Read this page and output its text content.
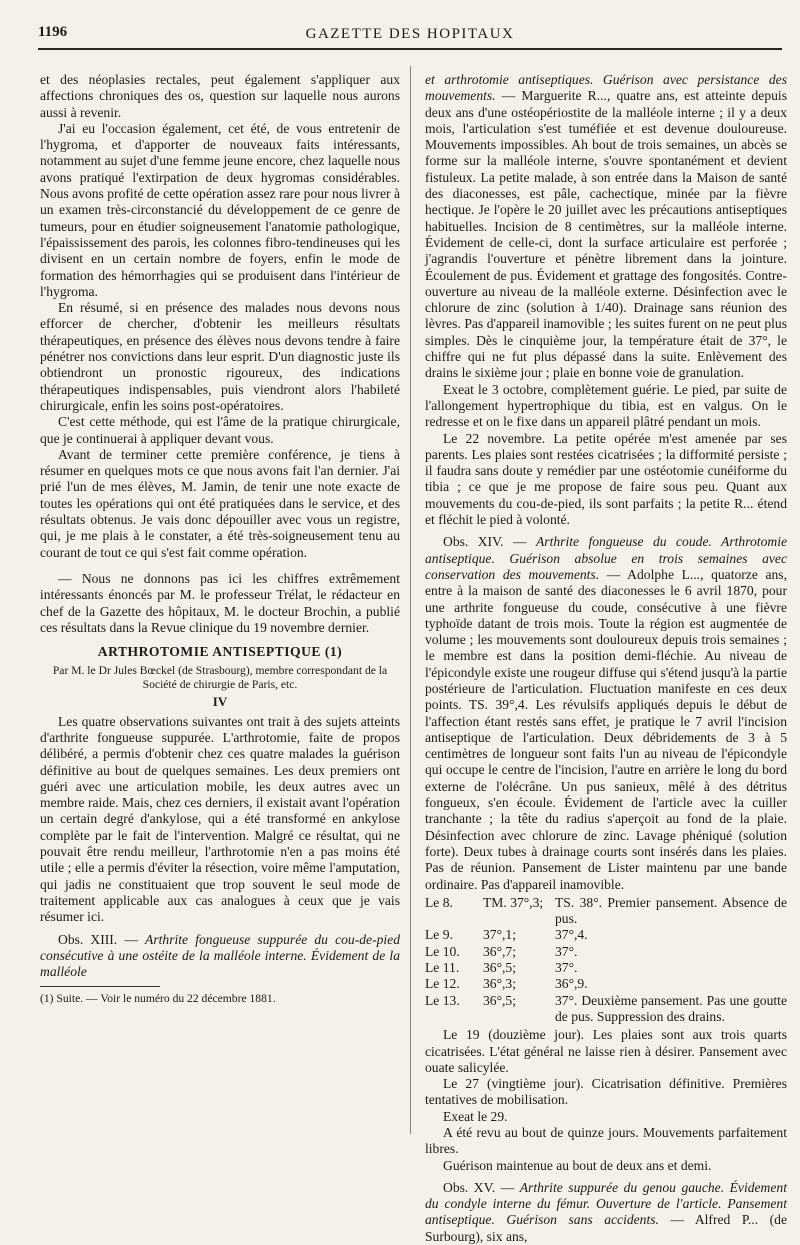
1196	GAZETTE DES HOPITAUX

et des néoplasies rectales, peut également s'appliquer aux affections chroniques des os, question sur laquelle nous aurons aussi à revenir.

J'ai eu l'occasion également, cet été, de vous entretenir de l'hygroma, et d'apporter de nouveaux faits intéressants, notamment au sujet d'une femme jeune encore, chez laquelle nous avons pratiqué l'extirpation de deux hygromas considérables. Nous avons profité de cette opération assez rare pour nous livrer à un examen très-circonstancié du développement de ce genre de tumeurs, pour en étudier soigneusement l'anatomie pathologique, l'épaississement des parois, les colonnes fibro-tendineuses qui les divisent en un certain nombre de foyers, enfin le mode de formation des hémorrhagies qui se produisent dans l'intérieur de l'hygroma.

En résumé, si en présence des malades nous devons nous efforcer de chercher, d'obtenir les meilleurs résultats thérapeutiques, en présence des élèves nous devons tendre à faire pénétrer nos convictions dans leur esprit. D'un diagnostic juste ils obtiendront un pronostic rigoureux, des indications thérapeutiques indispensables, puis viendront alors l'habileté chirurgicale, enfin les soins post-opératoires.

C'est cette méthode, qui est l'âme de la pratique chirurgicale, que je continuerai à appliquer devant vous.

Avant de terminer cette première conférence, je tiens à résumer en quelques mots ce que nous avons fait l'an dernier. J'ai prié l'un de mes élèves, M. Jamin, de tenir une note exacte de toutes les opérations qui ont été pratiquées dans le service, et des résultats obtenus. Je vais donc dépouiller avec vous un registre, qui, je me plais à le constater, a été très-soigneusement tenu au courant de tout ce qui s'est fait comme opération.

— Nous ne donnons pas ici les chiffres extrêmement intéressants énoncés par M. le professeur Trélat, le rédacteur en chef de la Gazette des hôpitaux, M. le docteur Brochin, a publié ces résultats dans la Revue clinique du 19 novembre dernier.

ARTHROTOMIE ANTISEPTIQUE (1)
Par M. le Dr Jules Bœckel (de Strasbourg), membre correspondant de la Société de chirurgie de Paris, etc.
IV

Les quatre observations suivantes ont trait à des sujets atteints d'arthrite fongueuse suppurée. L'arthrotomie, faite de propos délibéré, a permis d'obtenir chez ces quatre malades la guérison définitive au bout de quelques semaines. Les deux premiers ont guéri avec une articulation mobile, les deux autres avec un membre raide. Mais, chez ces derniers, il existait avant l'opération un certain degré d'ankylose, qui a été transformé en ankylose complète par le fait de l'intervention. Malgré ce résultat, qui ne pouvait être rendu meilleur, l'arthrotomie n'en a pas moins été utile ; elle a permis d'éviter la résection, voire même l'amputation, qui jadis ne constituaient que trop souvent le seul mode de traitement applicable aux cas analogues à ceux que je vais résumer ici.

Obs. XIII. — Arthrite fongueuse suppurée du cou-de-pied consécutive à une ostéite de la malléole interne. Évidement de la malléole

(1) Suite. — Voir le numéro du 22 décembre 1881.

et arthrotomie antiseptiques. Guérison avec persistance des mouvements. — Marguerite R..., quatre ans, est atteinte depuis deux ans d'une ostéopériostite de la malléole interne ; il y a deux mois, l'articulation s'est tuméfiée et est devenue douloureuse. Mouvements impossibles. Ah bout de trois semaines, un abcès se forme sur la malléole interne, s'ouvre spontanément et devient fistuleux. La petite malade, à son entrée dans la Maison de santé des diaconesses, est pâle, cachectique, minée par la fièvre hectique. Je l'opère le 20 juillet avec les précautions antiseptiques habituelles. Incision de 8 centimètres, sur la malléole interne. Évidement de celle-ci, dont la surface articulaire est perforée ; j'agrandis l'ouverture et pénètre librement dans la jointure. Écoulement de pus. Évidement et grattage des fongosités. Contre-ouverture au niveau de la malléole externe. Désinfection avec le chlorure de zinc (solution à 1/40). Drainage sans réunion des lèvres. Pas d'appareil inamovible ; les suites furent on ne peut plus simples. Dès le cinquième jour, la température était de 37°, le chiffre qui ne fut plus dépassé dans la suite. Enlèvement des drains le sixième jour ; plaie en bonne voie de granulation.

Exeat le 3 octobre, complètement guérie. Le pied, par suite de l'allongement hypertrophique du tibia, est en valgus. On le redresse et on le fixe dans un appareil plâtré pendant un mois.

Le 22 novembre. La petite opérée m'est amenée par ses parents. Les plaies sont restées cicatrisées ; la difformité persiste ; il faudra sans doute y remédier par une ostéotomie cunéiforme du tibia ; ce que je me propose de faire sous peu. Quant aux mouvements du cou-de-pied, ils sont parfaits ; la petite R... étend et fléchit le pied à volonté.

Obs. XIV. — Arthrite fongueuse du coude. Arthrotomie antiseptique. Guérison absolue en trois semaines avec conservation des mouvements. — Adolphe L..., quatorze ans, entre à la maison de santé des diaconesses le 6 avril 1870, pour une arthrite fongueuse du coude, consécutive à une fièvre typhoïde datant de trois mois. Toute la région est augmentée de volume ; les mouvements sont douloureux depuis trois semaines ; le membre est dans la position demi-fléchie. Au niveau de l'épicondyle existe une rougeur diffuse qui s'étend jusqu'à la partie postérieure de l'articulation. Fluctuation manifeste en ces deux points. TS. 39°,4. Les révulsifs appliqués depuis le début de l'affection étant restés sans effet, je pratique le 7 avril l'incision antiseptique de l'articulation. Deux débridements de 3 à 5 centimètres de longueur sont faits l'un au niveau de l'épicondyle qui occupe le centre de l'incision, l'autre en arrière le long du bord externe de l'olécrâne. Un pus sanieux, mêlé à des détritus fongueux, s'en écoule. Évidement de l'article avec la cuiller tranchante ; la tête du radius s'aperçoit au fond de la plaie. Désinfection avec chlorure de zinc. Lavage phéniqué (solution forte). Deux tubes à drainage courts sont insérés dans les plaies. Pas de réunion. Pansement de Lister maintenu par une bande ordinaire. Pas d'appareil inamovible.

Le 8.	TM. 37°,3; TS. 38°. Premier pansement. Absence de pus.
Le 9.	37°,1;	37°,4.
Le 10.	36°,7;	37°.
Le 11.	36°,5;	37°.
Le 12.	36°,3;	36°,9.
Le 13.	36°,5;	37°. Deuxième pansement. Pas une goutte de pus. Suppression des drains.

Le 19 (douzième jour). Les plaies sont aux trois quarts cicatrisées. L'état général ne laisse rien à désirer. Pansement avec ouate salicylée.

Le 27 (vingtième jour). Cicatrisation définitive. Premières tentatives de mobilisation.

Exeat le 29.

A été revu au bout de quinze jours. Mouvements parfaitement libres.

Guérison maintenue au bout de deux ans et demi.

Obs. XV. — Arthrite suppurée du genou gauche. Évidement du condyle interne du fémur. Ouverture de l'article. Pansement antiseptique. Guérison sans accidents. — Alfred P... (de Surbourg), six ans,
